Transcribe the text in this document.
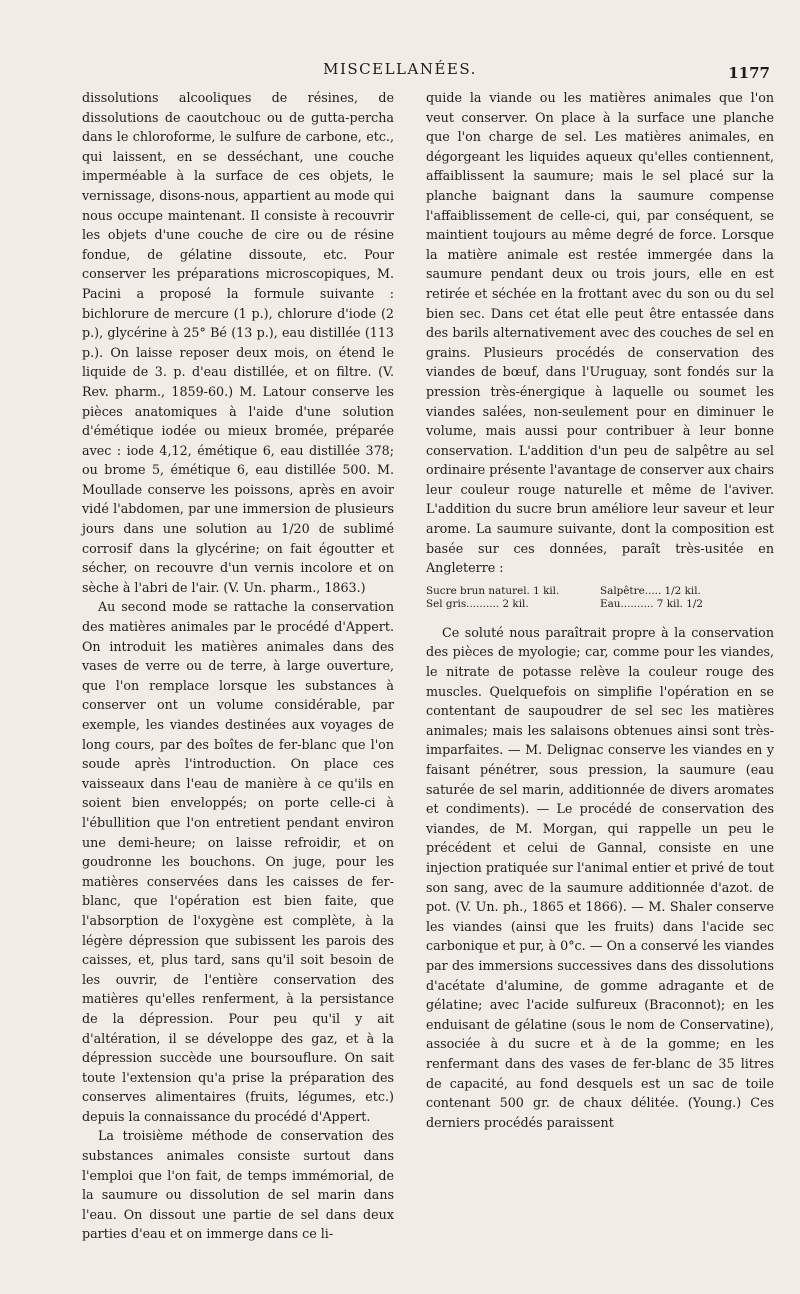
MISCELLANÉES.	1177

dissolutions alcooliques de résines, de dissolutions de caoutchouc ou de gutta-percha dans le chloroforme, le sulfure de carbone, etc., qui laissent, en se desséchant, une couche imperméable à la surface de ces objets, le vernissage, disons-nous, appartient au mode qui nous occupe maintenant. Il consiste à recouvrir les objets d'une couche de cire ou de résine fondue, de gélatine dissoute, etc. Pour conserver les préparations microscopiques, M. Pacini a proposé la formule suivante : bichlorure de mercure (1 p.), chlorure d'iode (2 p.), glycérine à 25° Bé (13 p.), eau distillée (113 p.). On laisse reposer deux mois, on étend le liquide de 3. p. d'eau distillée, et on filtre. (V. Rev. pharm., 1859-60.) M. Latour conserve les pièces anatomiques à l'aide d'une solution d'émétique iodée ou mieux bromée, préparée avec : iode 4,12, émétique 6, eau distillée 378; ou brome 5, émétique 6, eau distillée 500. M. Moullade conserve les poissons, après en avoir vidé l'abdomen, par une immersion de plusieurs jours dans une solution au 1/20 de sublimé corrosif dans la glycérine; on fait égoutter et sécher, on recouvre d'un vernis incolore et on sèche à l'abri de l'air. (V. Un. pharm., 1863.)

Au second mode se rattache la conservation des matières animales par le procédé d'Appert. On introduit les matières animales dans des vases de verre ou de terre, à large ouverture, que l'on remplace lorsque les substances à conserver ont un volume considérable, par exemple, les viandes destinées aux voyages de long cours, par des boîtes de fer-blanc que l'on soude après l'introduction. On place ces vaisseaux dans l'eau de manière à ce qu'ils en soient bien enveloppés; on porte celle-ci à l'ébullition que l'on entretient pendant environ une demi-heure; on laisse refroidir, et on goudronne les bouchons. On juge, pour les matières conservées dans les caisses de fer-blanc, que l'opération est bien faite, que l'absorption de l'oxygène est complète, à la légère dépression que subissent les parois des caisses, et, plus tard, sans qu'il soit besoin de les ouvrir, de l'entière conservation des matières qu'elles renferment, à la persistance de la dépression. Pour peu qu'il y ait d'altération, il se développe des gaz, et à la dépression succède une boursouflure. On sait toute l'extension qu'a prise la préparation des conserves alimentaires (fruits, légumes, etc.) depuis la connaissance du procédé d'Appert.

La troisième méthode de conservation des substances animales consiste surtout dans l'emploi que l'on fait, de temps immémorial, de la saumure ou dissolution de sel marin dans l'eau. On dissout une partie de sel dans deux parties d'eau et on immerge dans ce li-

quide la viande ou les matières animales que l'on veut conserver. On place à la surface une planche que l'on charge de sel. Les matières animales, en dégorgeant les liquides aqueux qu'elles contiennent, affaiblissent la saumure; mais le sel placé sur la planche baignant dans la saumure compense l'affaiblissement de celle-ci, qui, par conséquent, se maintient toujours au même degré de force. Lorsque la matière animale est restée immergée dans la saumure pendant deux ou trois jours, elle en est retirée et séchée en la frottant avec du son ou du sel bien sec. Dans cet état elle peut être entassée dans des barils alternativement avec des couches de sel en grains. Plusieurs procédés de conservation des viandes de bœuf, dans l'Uruguay, sont fondés sur la pression très-énergique à laquelle ou soumet les viandes salées, non-seulement pour en diminuer le volume, mais aussi pour contribuer à leur bonne conservation. L'addition d'un peu de salpêtre au sel ordinaire présente l'avantage de conserver aux chairs leur couleur rouge naturelle et même de l'aviver. L'addition du sucre brun améliore leur saveur et leur arome. La saumure suivante, dont la composition est basée sur ces données, paraît très-usitée en Angleterre :

Sucre brun naturel. 1 kil.	Salpêtre..... 1/2 kil.
Sel gris.......... 2 kil.	Eau.......... 7 kil. 1/2

Ce soluté nous paraîtrait propre à la conservation des pièces de myologie; car, comme pour les viandes, le nitrate de potasse relève la couleur rouge des muscles. Quelquefois on simplifie l'opération en se contentant de saupoudrer de sel sec les matières animales; mais les salaisons obtenues ainsi sont très-imparfaites. — M. Delignac conserve les viandes en y faisant pénétrer, sous pression, la saumure (eau saturée de sel marin, additionnée de divers aromates et condiments). — Le procédé de conservation des viandes, de M. Morgan, qui rappelle un peu le précédent et celui de Gannal, consiste en une injection pratiquée sur l'animal entier et privé de tout son sang, avec de la saumure additionnée d'azot. de pot. (V. Un. ph., 1865 et 1866). — M. Shaler conserve les viandes (ainsi que les fruits) dans l'acide sec carbonique et pur, à 0°c. — On a conservé les viandes par des immersions successives dans des dissolutions d'acétate d'alumine, de gomme adragante et de gélatine; avec l'acide sulfureux (Braconnot); en les enduisant de gélatine (sous le nom de Conservatine), associée à du sucre et à de la gomme; en les renfermant dans des vases de fer-blanc de 35 litres de capacité, au fond desquels est un sac de toile contenant 500 gr. de chaux délitée. (Young.) Ces derniers procédés paraissent
